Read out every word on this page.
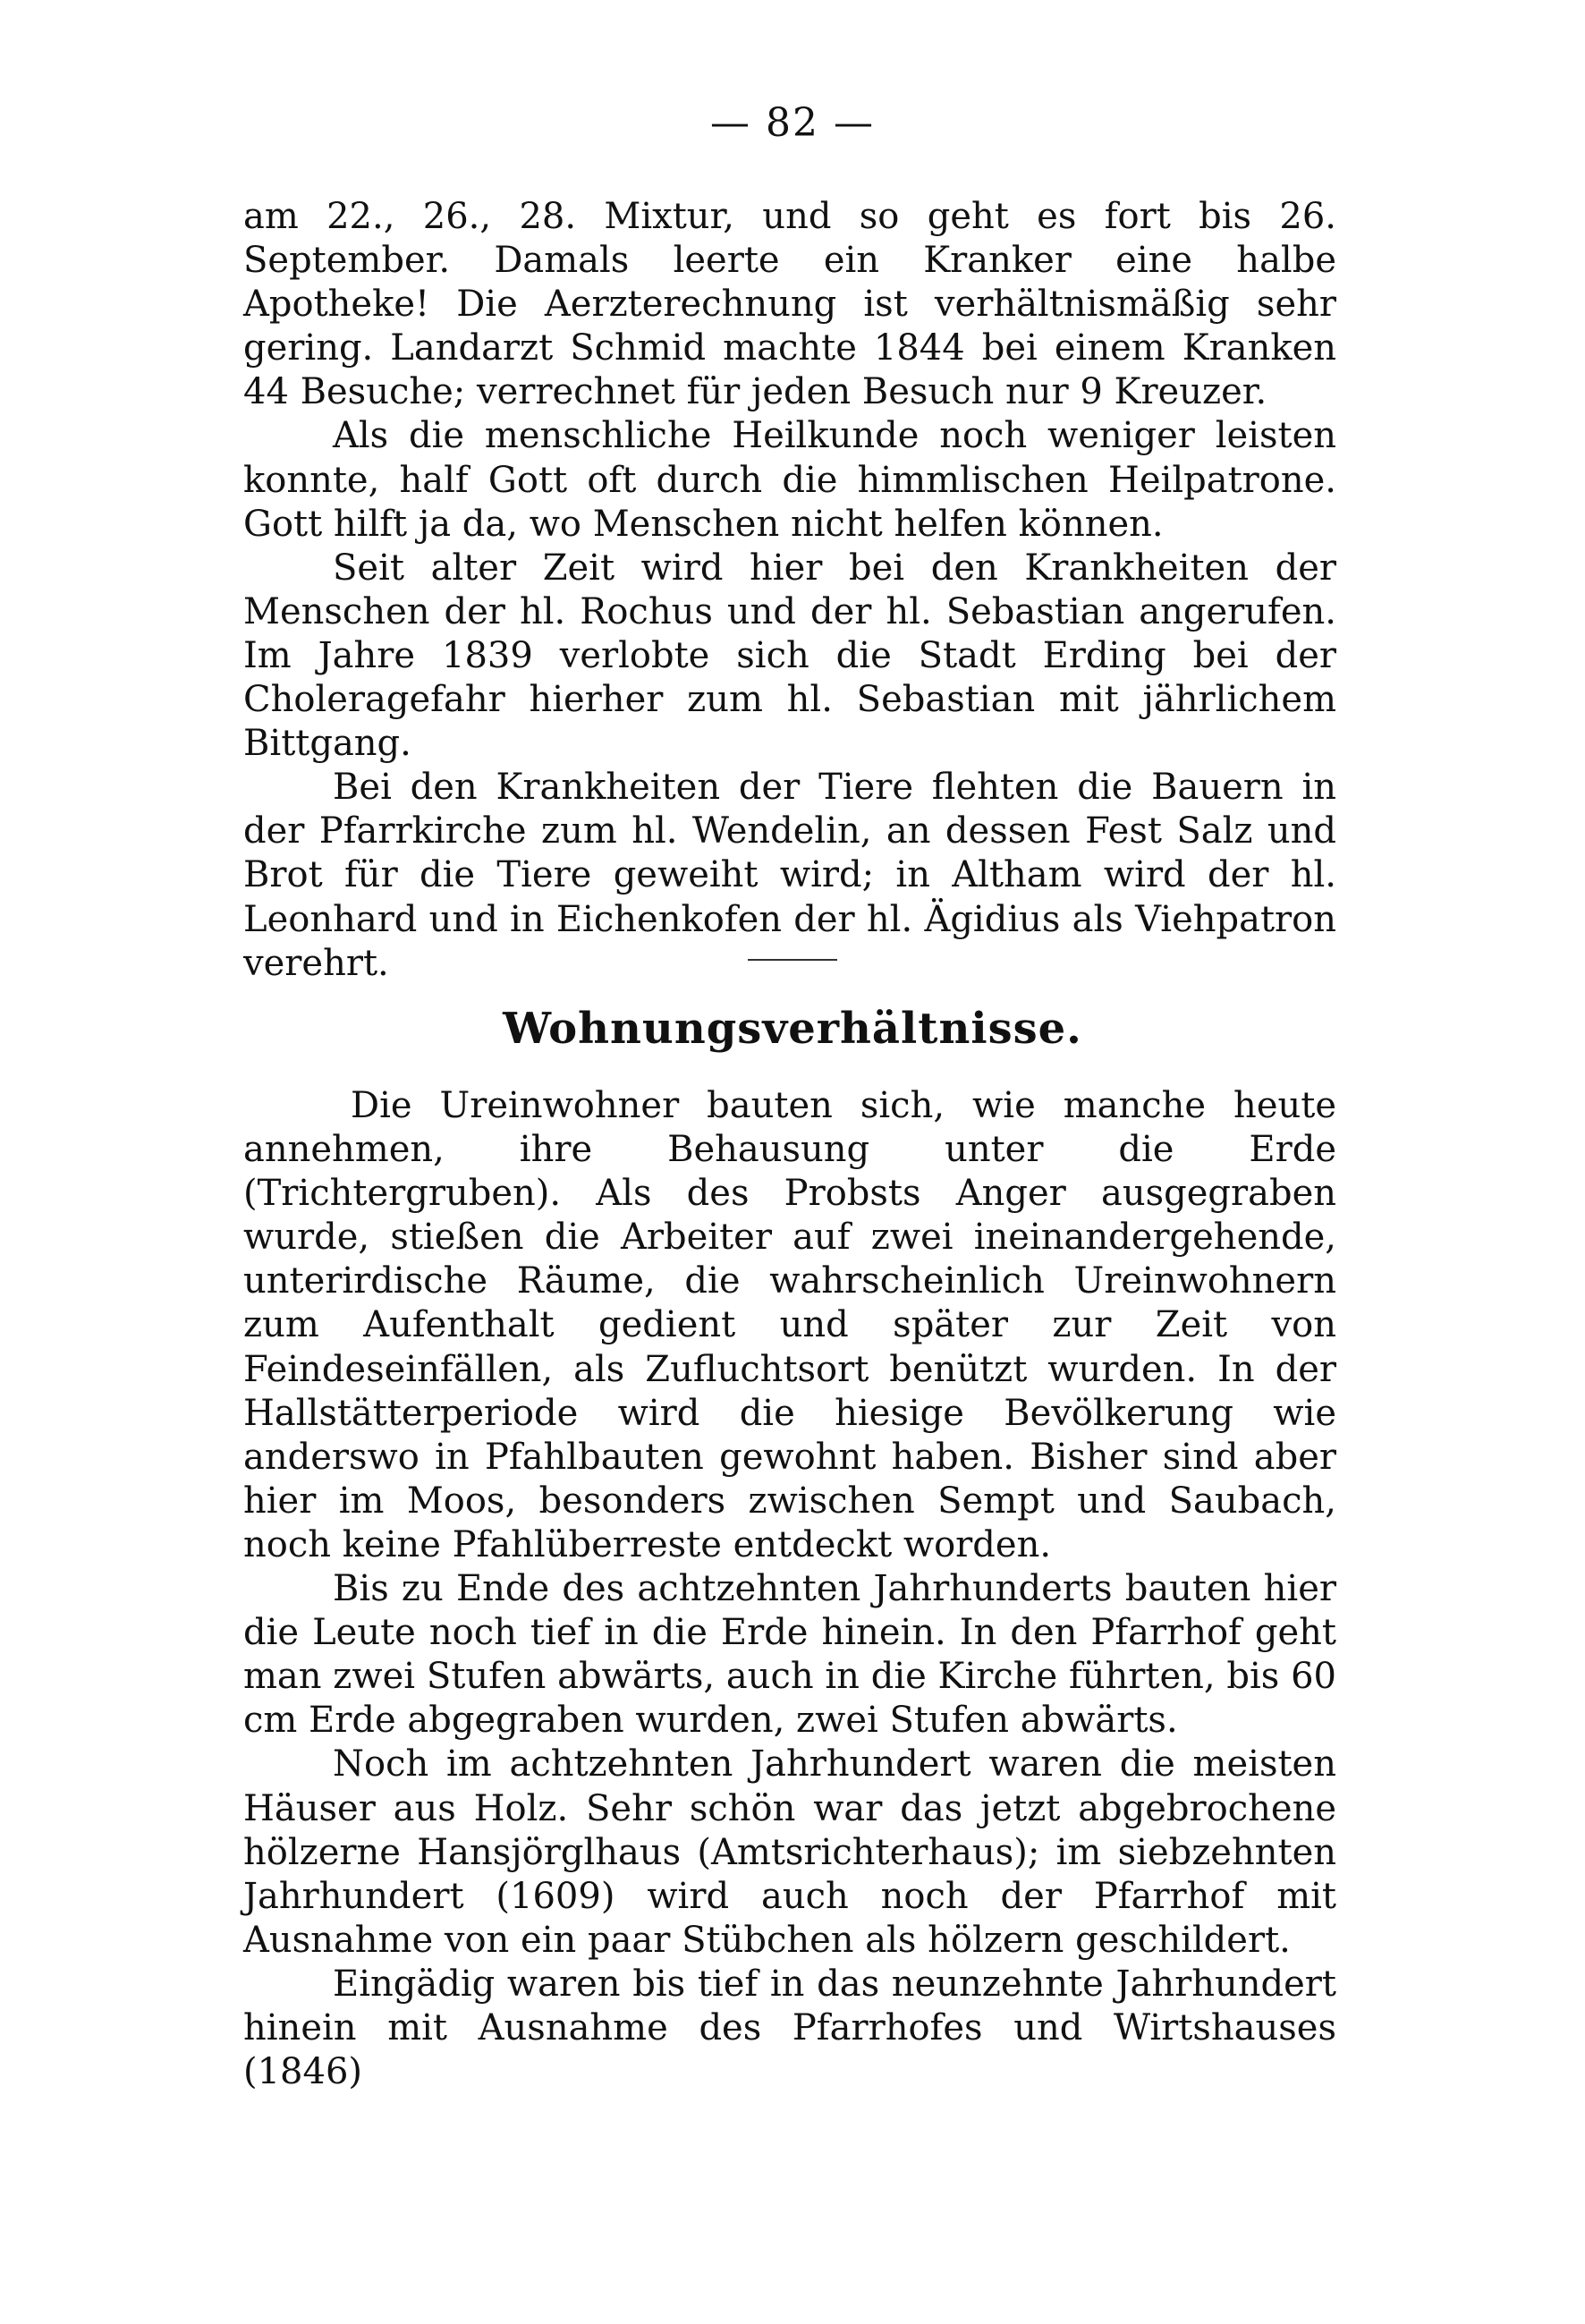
— 82 —

am 22., 26., 28. Mixtur, und so geht es fort bis 26. September. Damals leerte ein Kranker eine halbe Apotheke! Die Aerzterechnung ist verhältnismäßig sehr gering. Landarzt Schmid machte 1844 bei einem Kranken 44 Besuche; verrechnet für jeden Besuch nur 9 Kreuzer.

Als die menschliche Heilkunde noch weniger leisten konnte, half Gott oft durch die himmlischen Heilpatrone. Gott hilft ja da, wo Menschen nicht helfen können.

Seit alter Zeit wird hier bei den Krankheiten der Menschen der hl. Rochus und der hl. Sebastian angerufen. Im Jahre 1839 verlobte sich die Stadt Erding bei der Choleragefahr hierher zum hl. Sebastian mit jährlichem Bittgang.

Bei den Krankheiten der Tiere flehten die Bauern in der Pfarrkirche zum hl. Wendelin, an dessen Fest Salz und Brot für die Tiere geweiht wird; in Altham wird der hl. Leonhard und in Eichenkofen der hl. Ägidius als Viehpatron verehrt.

Wohnungsverhältnisse.

Die Ureinwohner bauten sich, wie manche heute annehmen, ihre Behausung unter die Erde (Trichtergruben). Als des Probsts Anger ausgegraben wurde, stießen die Arbeiter auf zwei ineinandergehende, unterirdische Räume, die wahrscheinlich Ureinwohnern zum Aufenthalt gedient und später zur Zeit von Feindeseinfällen, als Zufluchtsort benützt wurden. In der Hallstätterperiode wird die hiesige Bevölkerung wie anderswo in Pfahlbauten gewohnt haben. Bisher sind aber hier im Moos, besonders zwischen Sempt und Saubach, noch keine Pfahlüberreste entdeckt worden.

Bis zu Ende des achtzehnten Jahrhunderts bauten hier die Leute noch tief in die Erde hinein. In den Pfarrhof geht man zwei Stufen abwärts, auch in die Kirche führten, bis 60 cm Erde abgegraben wurden, zwei Stufen abwärts.

Noch im achtzehnten Jahrhundert waren die meisten Häuser aus Holz. Sehr schön war das jetzt abgebrochene hölzerne Hansjörglhaus (Amtsrichterhaus); im siebzehnten Jahrhundert (1609) wird auch noch der Pfarrhof mit Ausnahme von ein paar Stübchen als hölzern geschildert.

Eingädig waren bis tief in das neunzehnte Jahrhundert hinein mit Ausnahme des Pfarrhofes und Wirtshauses (1846)
